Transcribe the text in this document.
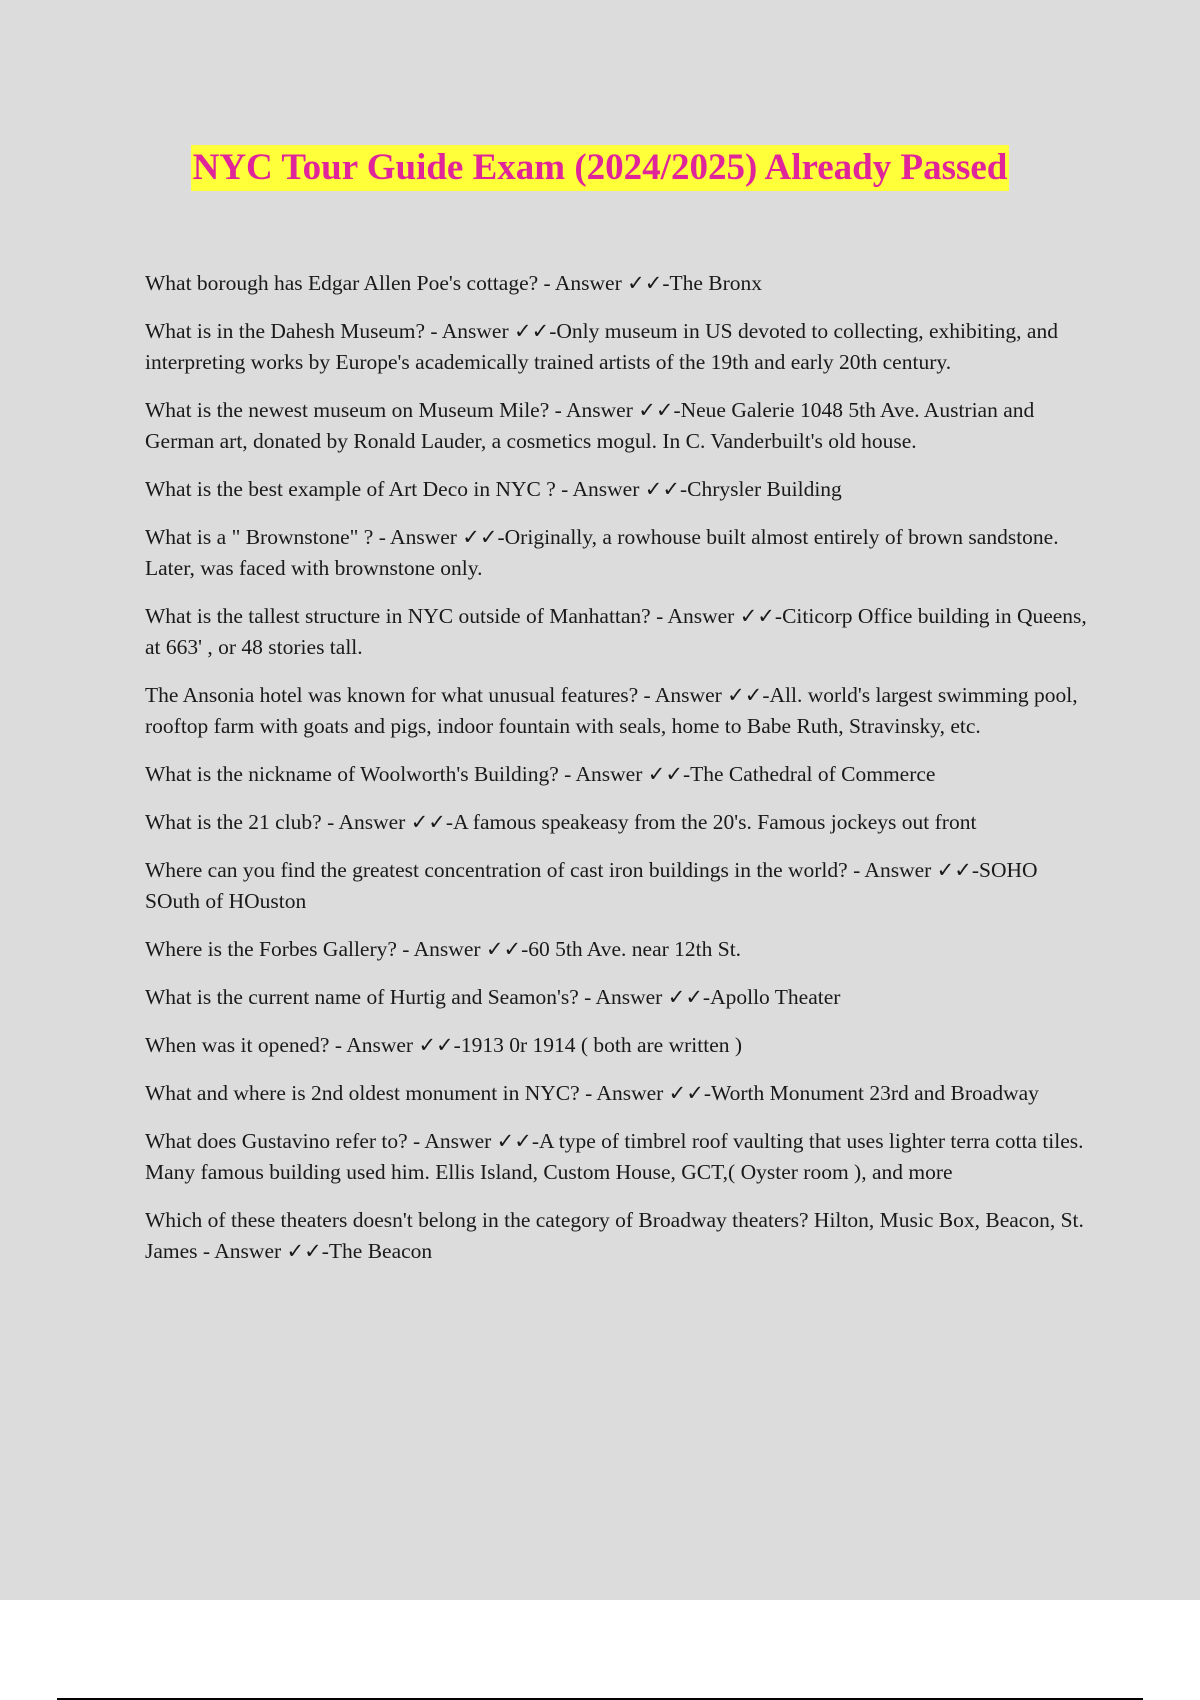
NYC Tour Guide Exam (2024/2025) Already Passed

What borough has Edgar Allen Poe's cottage? - Answer ✓✓-The Bronx

What is in the Dahesh Museum? - Answer ✓✓-Only museum in US devoted to collecting, exhibiting, and interpreting works by Europe's academically trained artists of the 19th and early 20th century.

What is the newest museum on Museum Mile? - Answer ✓✓-Neue Galerie 1048 5th Ave. Austrian and German art, donated by Ronald Lauder, a cosmetics mogul. In C. Vanderbuilt's old house.

What is the best example of Art Deco in NYC ? - Answer ✓✓-Chrysler Building

What is a " Brownstone" ? - Answer ✓✓-Originally, a rowhouse built almost entirely of brown sandstone. Later, was faced with brownstone only.

What is the tallest structure in NYC outside of Manhattan? - Answer ✓✓-Citicorp Office building in Queens, at 663' , or 48 stories tall.

The Ansonia hotel was known for what unusual features? - Answer ✓✓-All. world's largest swimming pool, rooftop farm with goats and pigs, indoor fountain with seals, home to Babe Ruth, Stravinsky, etc.

What is the nickname of Woolworth's Building? - Answer ✓✓-The Cathedral of Commerce

What is the 21 club? - Answer ✓✓-A famous speakeasy from the 20's. Famous jockeys out front

Where can you find the greatest concentration of cast iron buildings in the world? - Answer ✓✓-SOHO SOuth of HOuston

Where is the Forbes Gallery? - Answer ✓✓-60 5th Ave. near 12th St.

What is the current name of Hurtig and Seamon's? - Answer ✓✓-Apollo Theater

When was it opened? - Answer ✓✓-1913 0r 1914 ( both are written )

What and where is 2nd oldest monument in NYC? - Answer ✓✓-Worth Monument 23rd and Broadway

What does Gustavino refer to? - Answer ✓✓-A type of timbrel roof vaulting that uses lighter terra cotta tiles. Many famous building used him. Ellis Island, Custom House, GCT,( Oyster room ), and more

Which of these theaters doesn't belong in the category of Broadway theaters? Hilton, Music Box, Beacon, St. James - Answer ✓✓-The Beacon
